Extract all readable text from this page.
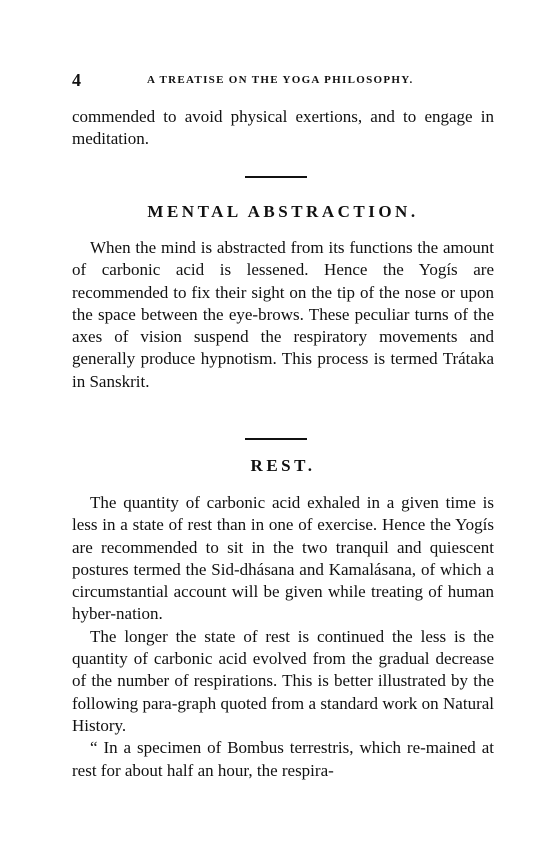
4	A TREATISE ON THE YOGA PHILOSOPHY.

commended to avoid physical exertions, and to engage in meditation.

MENTAL ABSTRACTION.

When the mind is abstracted from its functions the amount of carbonic acid is lessened. Hence the Yogís are recommended to fix their sight on the tip of the nose or upon the space between the eye-brows. These peculiar turns of the axes of vision suspend the respiratory movements and generally produce hypnotism. This process is termed Trátaka in Sanskrit.

REST.

The quantity of carbonic acid exhaled in a given time is less in a state of rest than in one of exercise. Hence the Yogís are recommended to sit in the two tranquil and quiescent postures termed the Sid-dhásana and Kamalásana, of which a circumstantial account will be given while treating of human hyber-nation.

The longer the state of rest is continued the less is the quantity of carbonic acid evolved from the gradual decrease of the number of respirations. This is better illustrated by the following para-graph quoted from a standard work on Natural History.

“ In a specimen of Bombus terrestris, which re-mained at rest for about half an hour, the respira-
